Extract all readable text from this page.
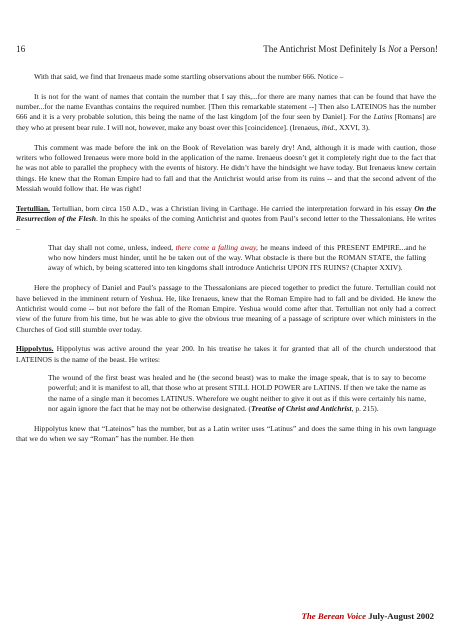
16	The Antichrist Most Definitely Is Not a Person!

With that said, we find that Irenaeus made some startling observations about the number 666. Notice –

It is not for the want of names that contain the number that I say this,...for there are many names that can be found that have the number...for the name Evanthas contains the required number. [Then this remarkable statement --] Then also LATEINOS has the number 666 and it is a very probable solution, this being the name of the last kingdom [of the four seen by Daniel]. For the Latins [Romans] are they who at present bear rule. I will not, however, make any boast over this [coincidence]. (Irenaeus, ibid., XXVI, 3).

This comment was made before the ink on the Book of Revelation was barely dry! And, although it is made with caution, those writers who followed Irenaeus were more bold in the application of the name. Irenaeus doesn’t get it completely right due to the fact that he was not able to parallel the prophecy with the events of history. He didn’t have the hindsight we have today. But Irenaeus knew certain things. He knew that the Roman Empire had to fall and that the Antichrist would arise from its ruins -- and that the second advent of the Messiah would follow that. He was right!

Tertullian. Tertullian, born circa 150 A.D., was a Christian living in Carthage. He carried the interpretation forward in his essay On the Resurrection of the Flesh. In this he speaks of the coming Antichrist and quotes from Paul’s second letter to the Thessalonians. He writes –

That day shall not come, unless, indeed, there come a falling away, he means indeed of this PRESENT EMPIRE...and he who now hinders must hinder, until he be taken out of the way. What obstacle is there but the ROMAN STATE, the falling away of which, by being scattered into ten kingdoms shall introduce Antichrist UPON ITS RUINS? (Chapter XXIV).

Here the prophecy of Daniel and Paul’s passage to the Thessalonians are pieced together to predict the future. Tertullian could not have believed in the imminent return of Yeshua. He, like Irenaeus, knew that the Roman Empire had to fall and be divided. He knew the Antichrist would come -- but not before the fall of the Roman Empire. Yeshua would come after that. Tertullian not only had a correct view of the future from his time, but he was able to give the obvious true meaning of a passage of scripture over which ministers in the Churches of God still stumble over today.

Hippolytus. Hippolytus was active around the year 200. In his treatise he takes it for granted that all of the church understood that LATEINOS is the name of the beast. He writes:

The wound of the first beast was healed and he (the second beast) was to make the image speak, that is to say to become powerful; and it is manifest to all, that those who at present STILL HOLD POWER are LATINS. If then we take the name as the name of a single man it becomes LATINUS. Wherefore we ought neither to give it out as if this were certainly his name, nor again ignore the fact that he may not be otherwise designated. (Treatise of Christ and Antichrist, p. 215).

Hippolytus knew that “Lateinos” has the number, but as a Latin writer uses “Latinus” and does the same thing in his own language that we do when we say “Roman” has the number. He then

The Berean Voice July-August 2002
